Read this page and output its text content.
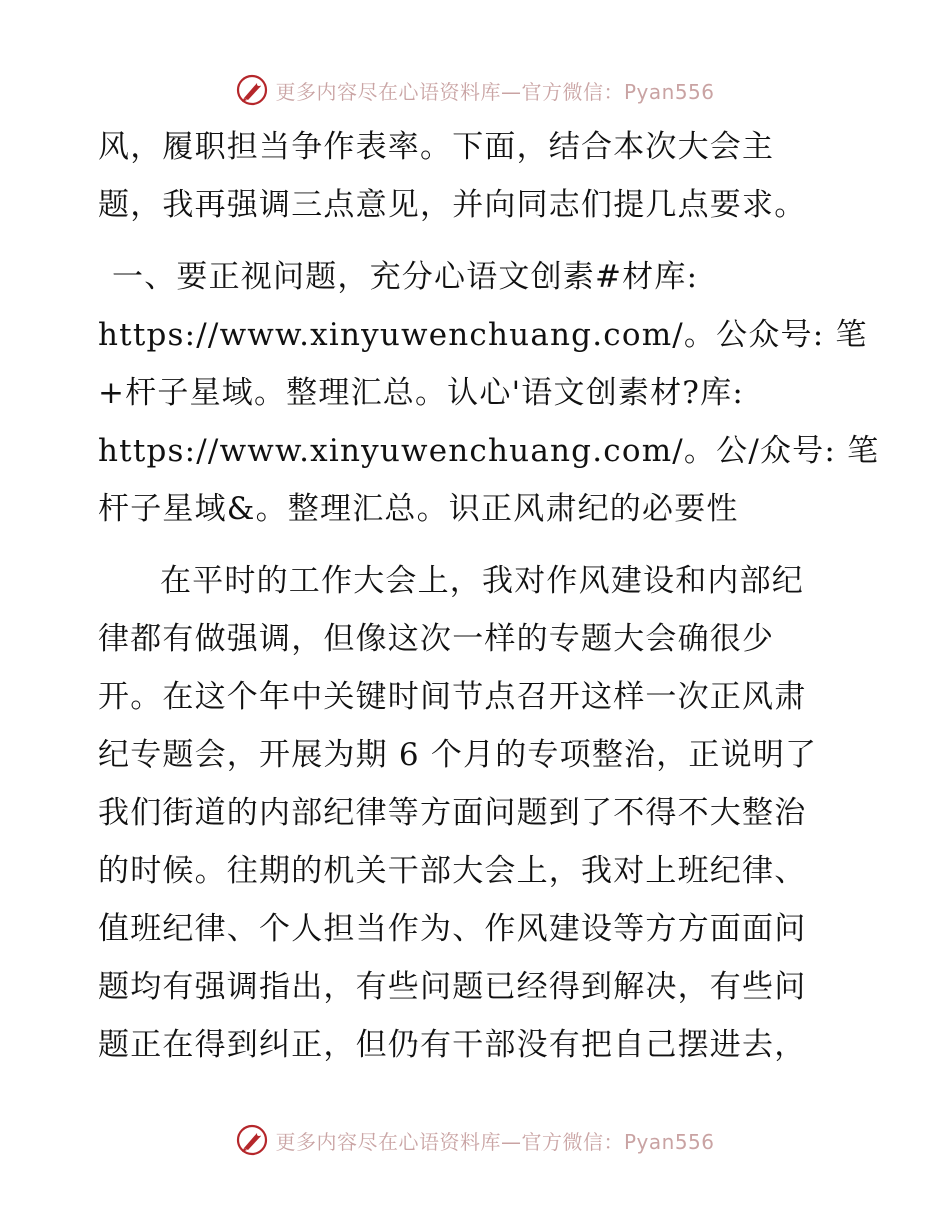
更多内容尽在心语资料库—官方微信：Pyan556
风，履职担当争作表率。下面，结合本次大会主
题，我再强调三点意见，并向同志们提几点要求。
一、要正视问题，充分心语文创素#材库:
https://www.xinyuwenchuang.com/。公众号: 笔
+杆子星域。整理汇总。认心'语文创素材?库:
https://www.xinyuwenchuang.com/。公/众号: 笔
杆子星域&。整理汇总。识正风肃纪的必要性
在平时的工作大会上，我对作风建设和内部纪
律都有做强调，但像这次一样的专题大会确很少
开。在这个年中关键时间节点召开这样一次正风肃
纪专题会，开展为期 6 个月的专项整治，正说明了
我们街道的内部纪律等方面问题到了不得不大整治
的时候。往期的机关干部大会上，我对上班纪律、
值班纪律、个人担当作为、作风建设等方方面面问
题均有强调指出，有些问题已经得到解决，有些问
题正在得到纠正，但仍有干部没有把自己摆进去，
更多内容尽在心语资料库—官方微信：Pyan556
